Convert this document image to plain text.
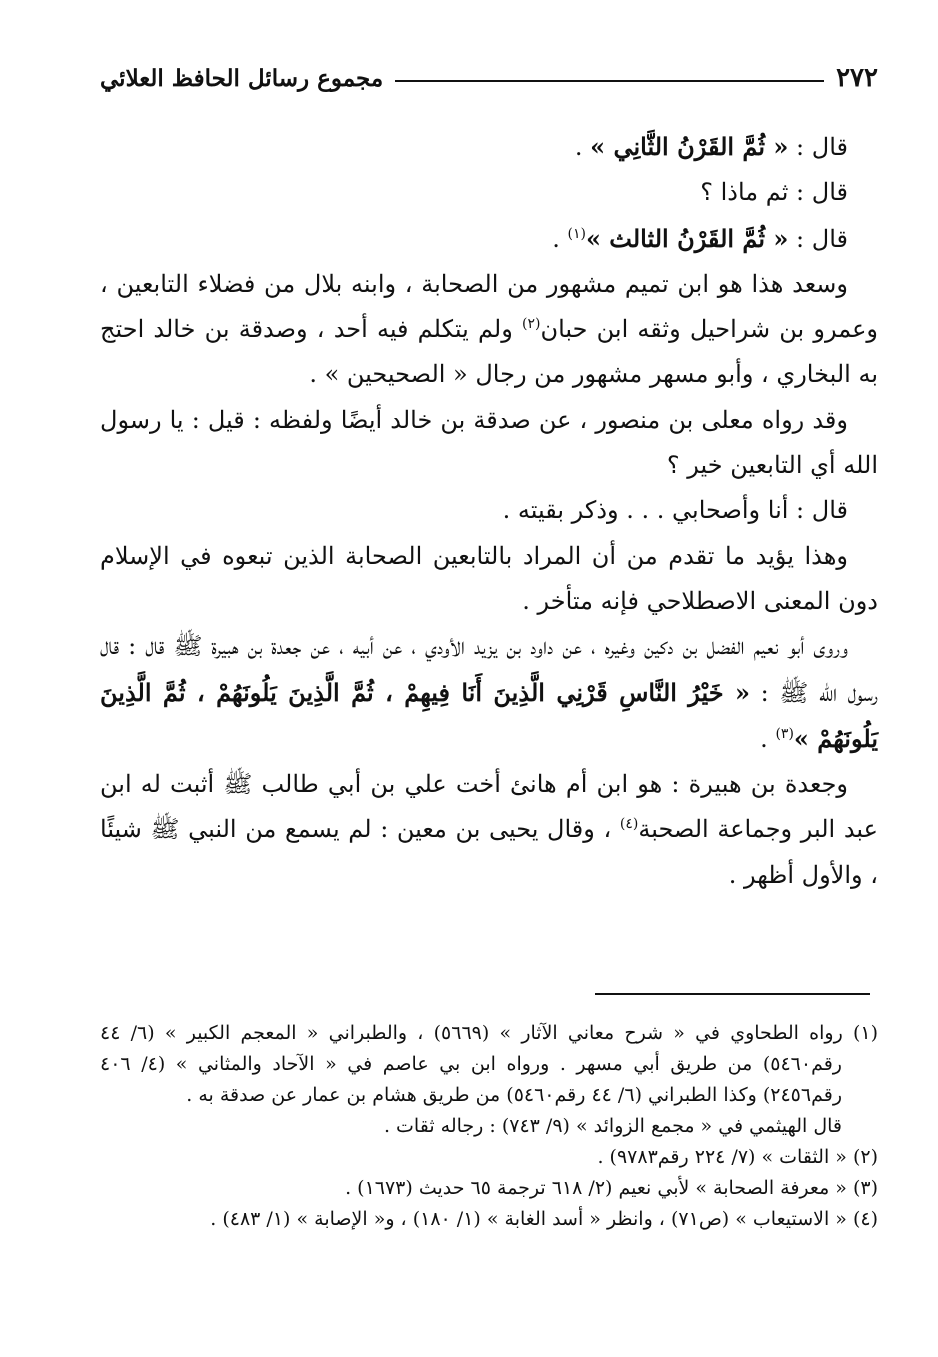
٢٧٢
مجموع رسائل الحافظ العلائي

قال : « ثُمَّ القَرْنُ الثَّانِي » .

قال : ثم ماذا ؟

قال : « ثُمَّ القَرْنُ الثالث »$^{(١)}$ .

وسعد هذا هو ابن تميم مشهور من الصحابة ، وابنه بلال من فضلاء التابعين ، وعمرو بن شراحيل وثقه ابن حبان$^{(٢)}$ ولم يتكلم فيه أحد ، وصدقة بن خالد احتج به البخاري ، وأبو مسهر مشهور من رجال « الصحيحين » .

وقد رواه معلى بن منصور ، عن صدقة بن خالد أيضًا ولفظه : قيل : يا رسول الله أي التابعين خير ؟

قال : أنا وأصحابي . . . وذكر بقيته .

وهذا يؤيد ما تقدم من أن المراد بالتابعين الصحابة الذين تبعوه في الإسلام دون المعنى الاصطلاحي فإنه متأخر .

وروى أبو نعيم الفضل بن دكين وغيره ، عن داود بن يزيد الأودي ، عن أبيه ، عن جعدة بن هبيرة ﷺ قال : قال رسول الله ﷺ : « خَيْرُ النَّاسِ قَرْنِي الَّذِينَ أَنَا فِيهِمْ ، ثُمَّ الَّذِينَ يَلُونَهُمْ ، ثُمَّ الَّذِينَ يَلُونَهُمْ »$^{(٣)}$ .

وجعدة بن هبيرة : هو ابن أم هانئ أخت علي بن أبي طالب ﷺ أثبت له ابن عبد البر وجماعة الصحبة$^{(٤)}$ ، وقال يحيى بن معين : لم يسمع من النبي ﷺ شيئًا ، والأول أظهر .

(١) رواه الطحاوي في « شرح معاني الآثار » (٥٦٦٩) ، والطبراني « المعجم الكبير » (٦/ ٤٤ رقم٥٤٦٠) من طريق أبي مسهر . ورواه ابن بي عاصم في « الآحاد والمثاني » (٤/ ٤٠٦ رقم٢٤٥٦) وكذا الطبراني (٦/ ٤٤ رقم٥٤٦٠) من طريق هشام بن عمار عن صدقة به .

قال الهيثمي في « مجمع الزوائد » (٩/ ٧٤٣) : رجاله ثقات .

(٢) « الثقات » (٧/ ٢٢٤ رقم٩٧٨٣) .

(٣) « معرفة الصحابة » لأبي نعيم (٢/ ٦١٨ ترجمة ٦٥ حديث (١٦٧٣) .

(٤) « الاستيعاب » (ص٧١) ، وانظر « أسد الغابة » (١/ ١٨٠) ، و« الإصابة » (١/ ٤٨٣) .
